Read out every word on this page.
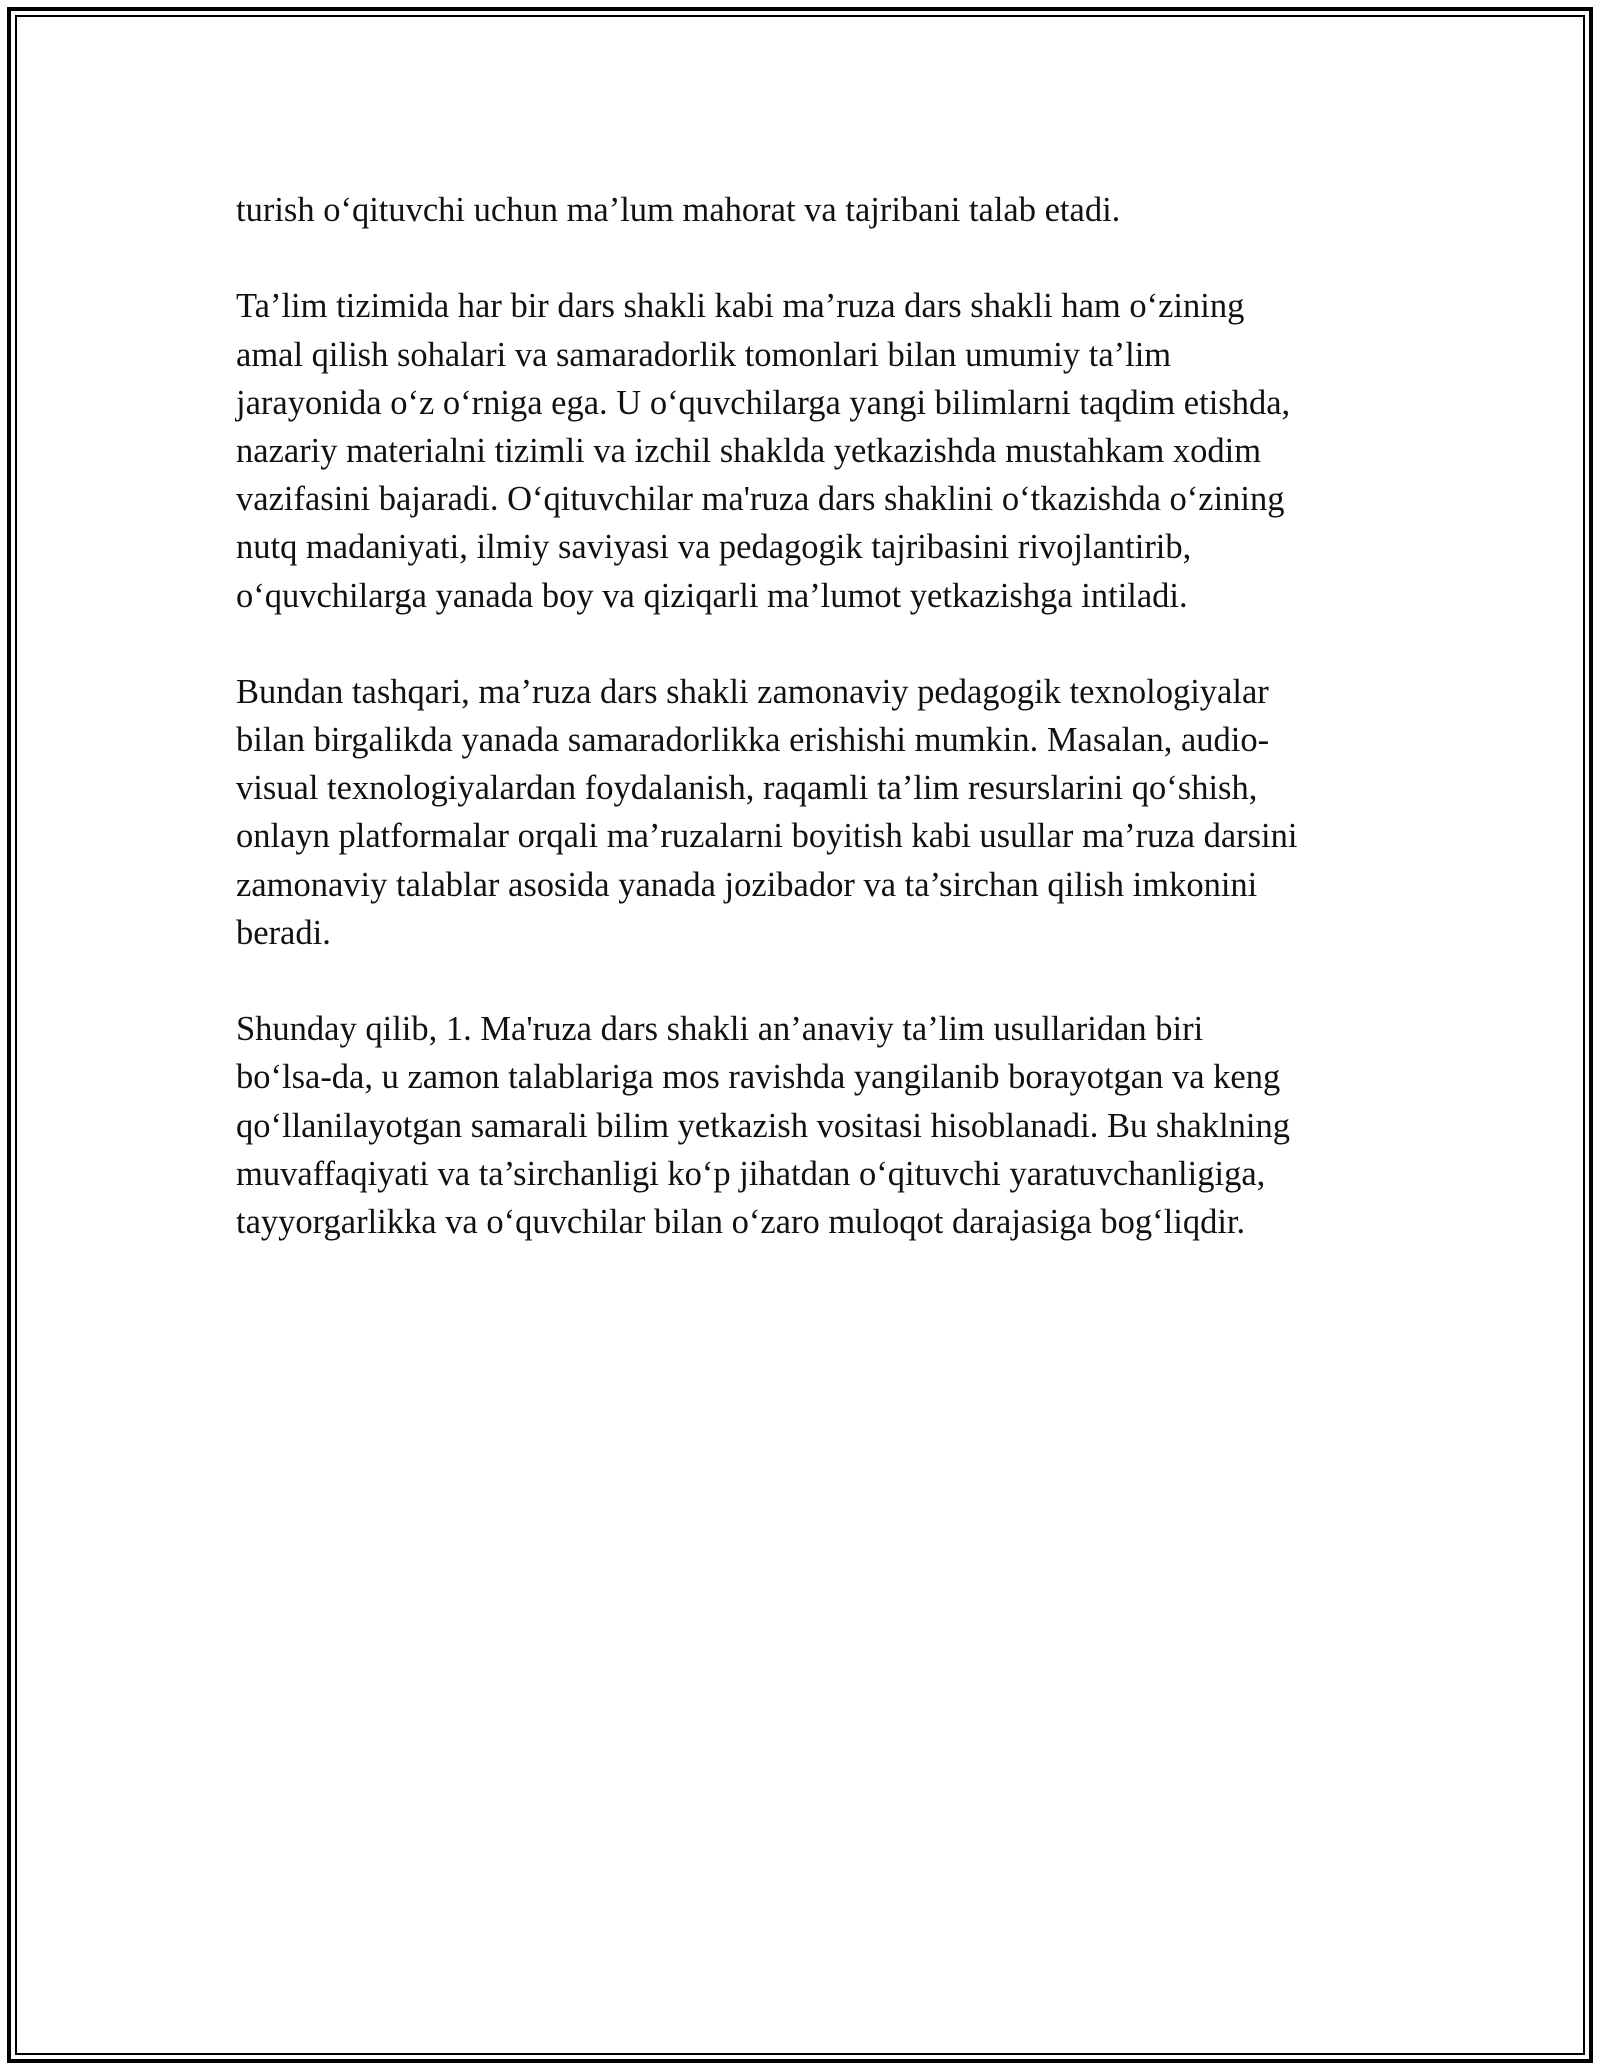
turish o‘qituvchi uchun ma’lum mahorat va tajribani talab etadi.
Ta’lim tizimida har bir dars shakli kabi ma’ruza dars shakli ham o‘zining
amal qilish sohalari va samaradorlik tomonlari bilan umumiy ta’lim
jarayonida o‘z o‘rniga ega. U o‘quvchilarga yangi bilimlarni taqdim etishda,
nazariy materialni tizimli va izchil shaklda yetkazishda mustahkam xodim
vazifasini bajaradi. O‘qituvchilar ma'ruza dars shaklini o‘tkazishda o‘zining
nutq madaniyati, ilmiy saviyasi va pedagogik tajribasini rivojlantirib,
o‘quvchilarga yanada boy va qiziqarli ma’lumot yetkazishga intiladi.
Bundan tashqari, ma’ruza dars shakli zamonaviy pedagogik texnologiyalar
bilan birgalikda yanada samaradorlikka erishishi mumkin. Masalan, audio-
visual texnologiyalardan foydalanish, raqamli ta’lim resurslarini qo‘shish,
onlayn platformalar orqali ma’ruzalarni boyitish kabi usullar ma’ruza darsini
zamonaviy talablar asosida yanada jozibador va ta’sirchan qilish imkonini
beradi.
Shunday qilib, 1. Ma'ruza dars shakli an’anaviy ta’lim usullaridan biri
bo‘lsa-da, u zamon talablariga mos ravishda yangilanib borayotgan va keng
qo‘llanilayotgan samarali bilim yetkazish vositasi hisoblanadi. Bu shaklning
muvaffaqiyati va ta’sirchanligi ko‘p jihatdan o‘qituvchi yaratuvchanligiga,
tayyorgarlikka va o‘quvchilar bilan o‘zaro muloqot darajasiga bog‘liqdir.
